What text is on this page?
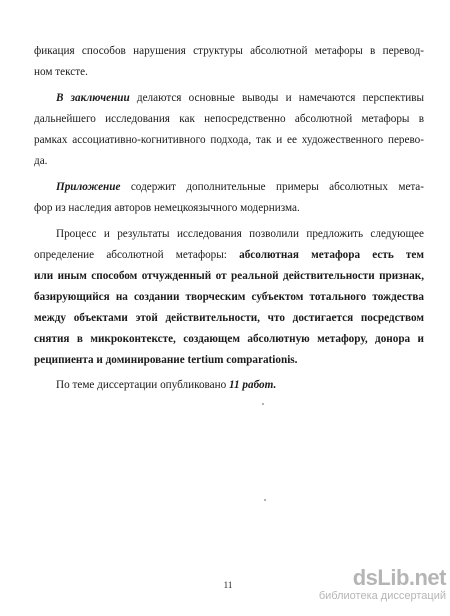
фикация способов нарушения структуры абсолютной метафоры в перевод-
ном тексте.
В заключении делаются основные выводы и намечаются перспективы
дальнейшего исследования как непосредственно абсолютной метафоры в
рамках ассоциативно-когнитивного подхода, так и ее художественного перево-
да.
Приложение содержит дополнительные примеры абсолютных метa-
фор из наследия авторов немецкоязычного модернизма.
Процесс и результаты исследования позволили предложить следующее
определение абсолютной метафоры: абсолютная метафора есть тем
или иным способом отчужденный от реальной действительности признак,
базирующийся на создании творческим субъектом тотального тождества
между объектами этой действительности, что достигается посредством
снятия в микроконтексте, создающем абсолютную метафору, донора и
реципиента и доминирование tertium comparationis.
По теме диссертации опубликовано 11 работ.
11	dsLib.net
библиотека диссертаций
